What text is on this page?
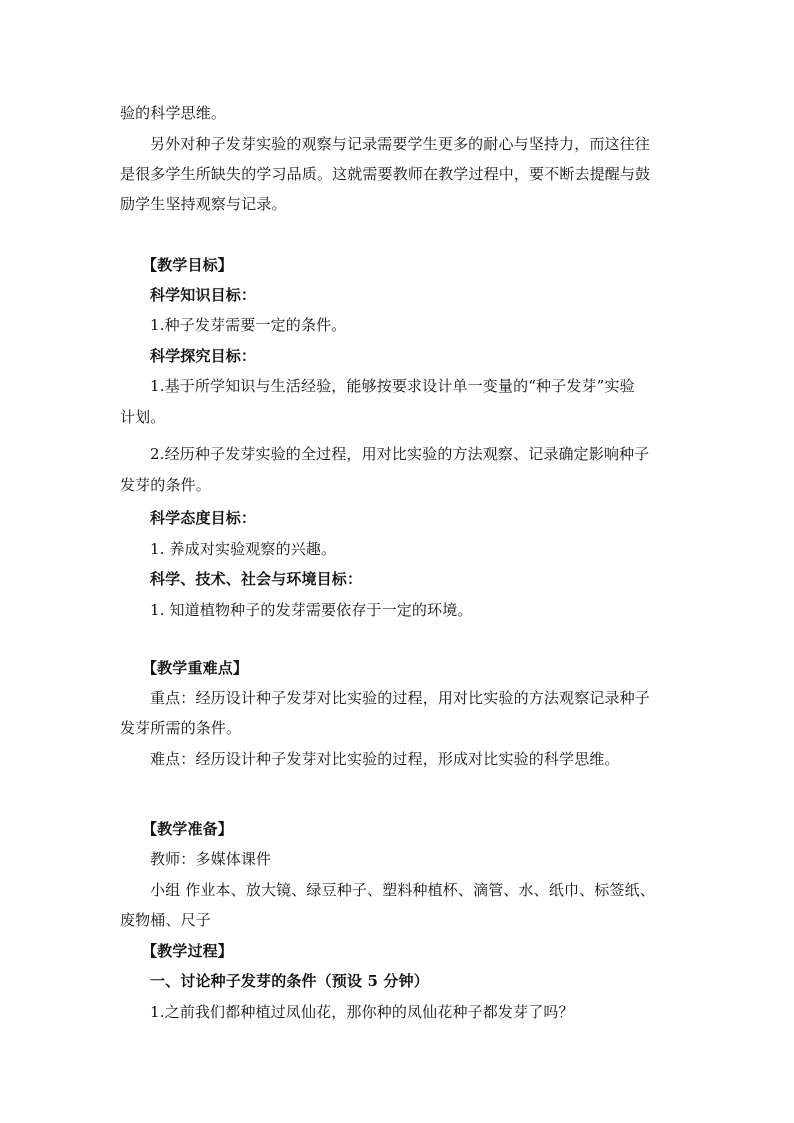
验的科学思维。

另外对种子发芽实验的观察与记录需要学生更多的耐心与坚持力，而这往往

是很多学生所缺失的学习品质。这就需要教师在教学过程中，要不断去提醒与鼓

励学生坚持观察与记录。

【教学目标】

科学知识目标：

1.种子发芽需要一定的条件。

科学探究目标：

1.基于所学知识与生活经验，能够按要求设计单一变量的“种子发芽”实验

计划。

2.经历种子发芽实验的全过程，用对比实验的方法观察、记录确定影响种子

发芽的条件。

科学态度目标：

1. 养成对实验观察的兴趣。

科学、技术、社会与环境目标：

1. 知道植物种子的发芽需要依存于一定的环境。

【教学重难点】

重点：经历设计种子发芽对比实验的过程，用对比实验的方法观察记录种子

发芽所需的条件。

难点：经历设计种子发芽对比实验的过程，形成对比实验的科学思维。

【教学准备】

教师：多媒体课件

小组 作业本、放大镜、绿豆种子、塑料种植杯、滴管、水、纸巾、标签纸、

废物桶、尺子

【教学过程】

一、讨论种子发芽的条件（预设 5 分钟）

1.之前我们都种植过凤仙花，那你种的凤仙花种子都发芽了吗？
